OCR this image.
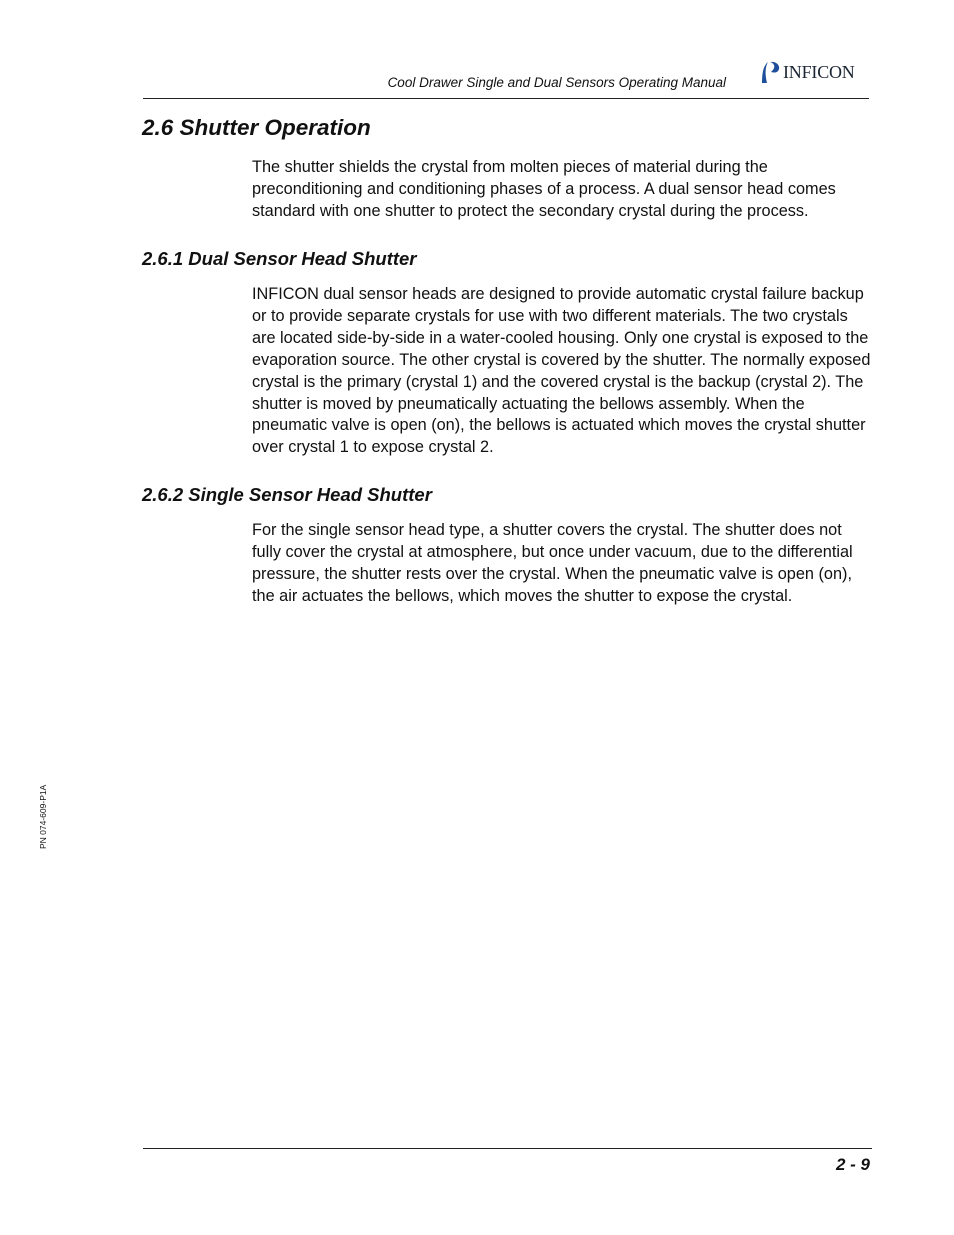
Cool Drawer Single and Dual Sensors Operating Manual
INFICON
2.6 Shutter Operation

The shutter shields the crystal from molten pieces of material during the preconditioning and conditioning phases of a process. A dual sensor head comes standard with one shutter to protect the secondary crystal during the process.

2.6.1 Dual Sensor Head Shutter

INFICON dual sensor heads are designed to provide automatic crystal failure backup or to provide separate crystals for use with two different materials. The two crystals are located side-by-side in a water-cooled housing. Only one crystal is exposed to the evaporation source. The other crystal is covered by the shutter. The normally exposed crystal is the primary (crystal 1) and the covered crystal is the backup (crystal 2). The shutter is moved by pneumatically actuating the bellows assembly. When the pneumatic valve is open (on), the bellows is actuated which moves the crystal shutter over crystal 1 to expose crystal 2.

2.6.2 Single Sensor Head Shutter

For the single sensor head type, a shutter covers the crystal. The shutter does not fully cover the crystal at atmosphere, but once under vacuum, due to the differential pressure, the shutter rests over the crystal. When the pneumatic valve is open (on), the air actuates the bellows, which moves the shutter to expose the crystal.

PN 074-609-P1A
2 - 9
